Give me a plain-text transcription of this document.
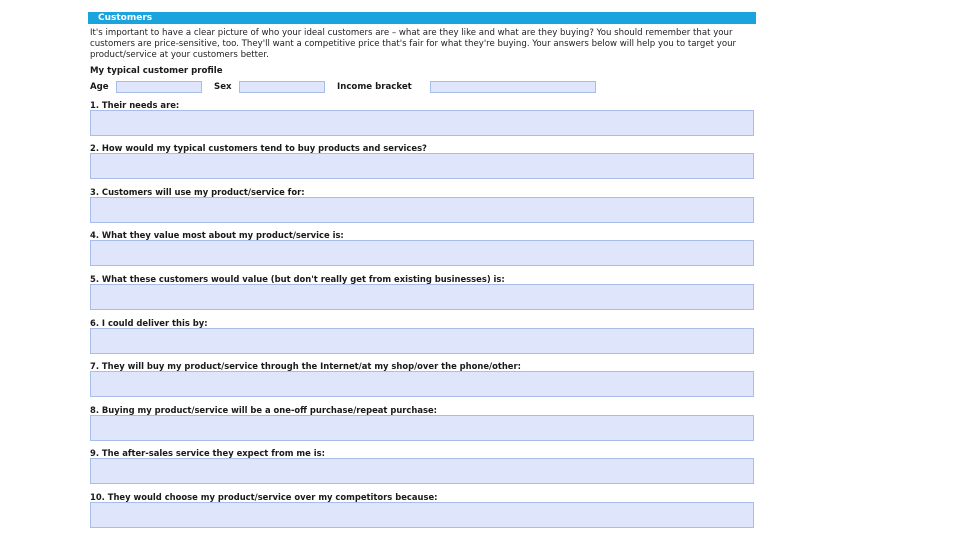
Customers
It's important to have a clear picture of who your ideal customers are – what are they like and what are they buying? You should remember that your customers are price-sensitive, too. They'll want a competitive price that's fair for what they're buying. Your answers below will help you to target your product/service at your customers better.
My typical customer profile
Age	Sex	Income bracket
1. Their needs are:
2. How would my typical customers tend to buy products and services?
3. Customers will use my product/service for:
4. What they value most about my product/service is:
5. What these customers would value (but don't really get from existing businesses) is:
6. I could deliver this by:
7. They will buy my product/service through the Internet/at my shop/over the phone/other:
8. Buying my product/service will be a one-off purchase/repeat purchase:
9. The after-sales service they expect from me is:
10. They would choose my product/service over my competitors because:
